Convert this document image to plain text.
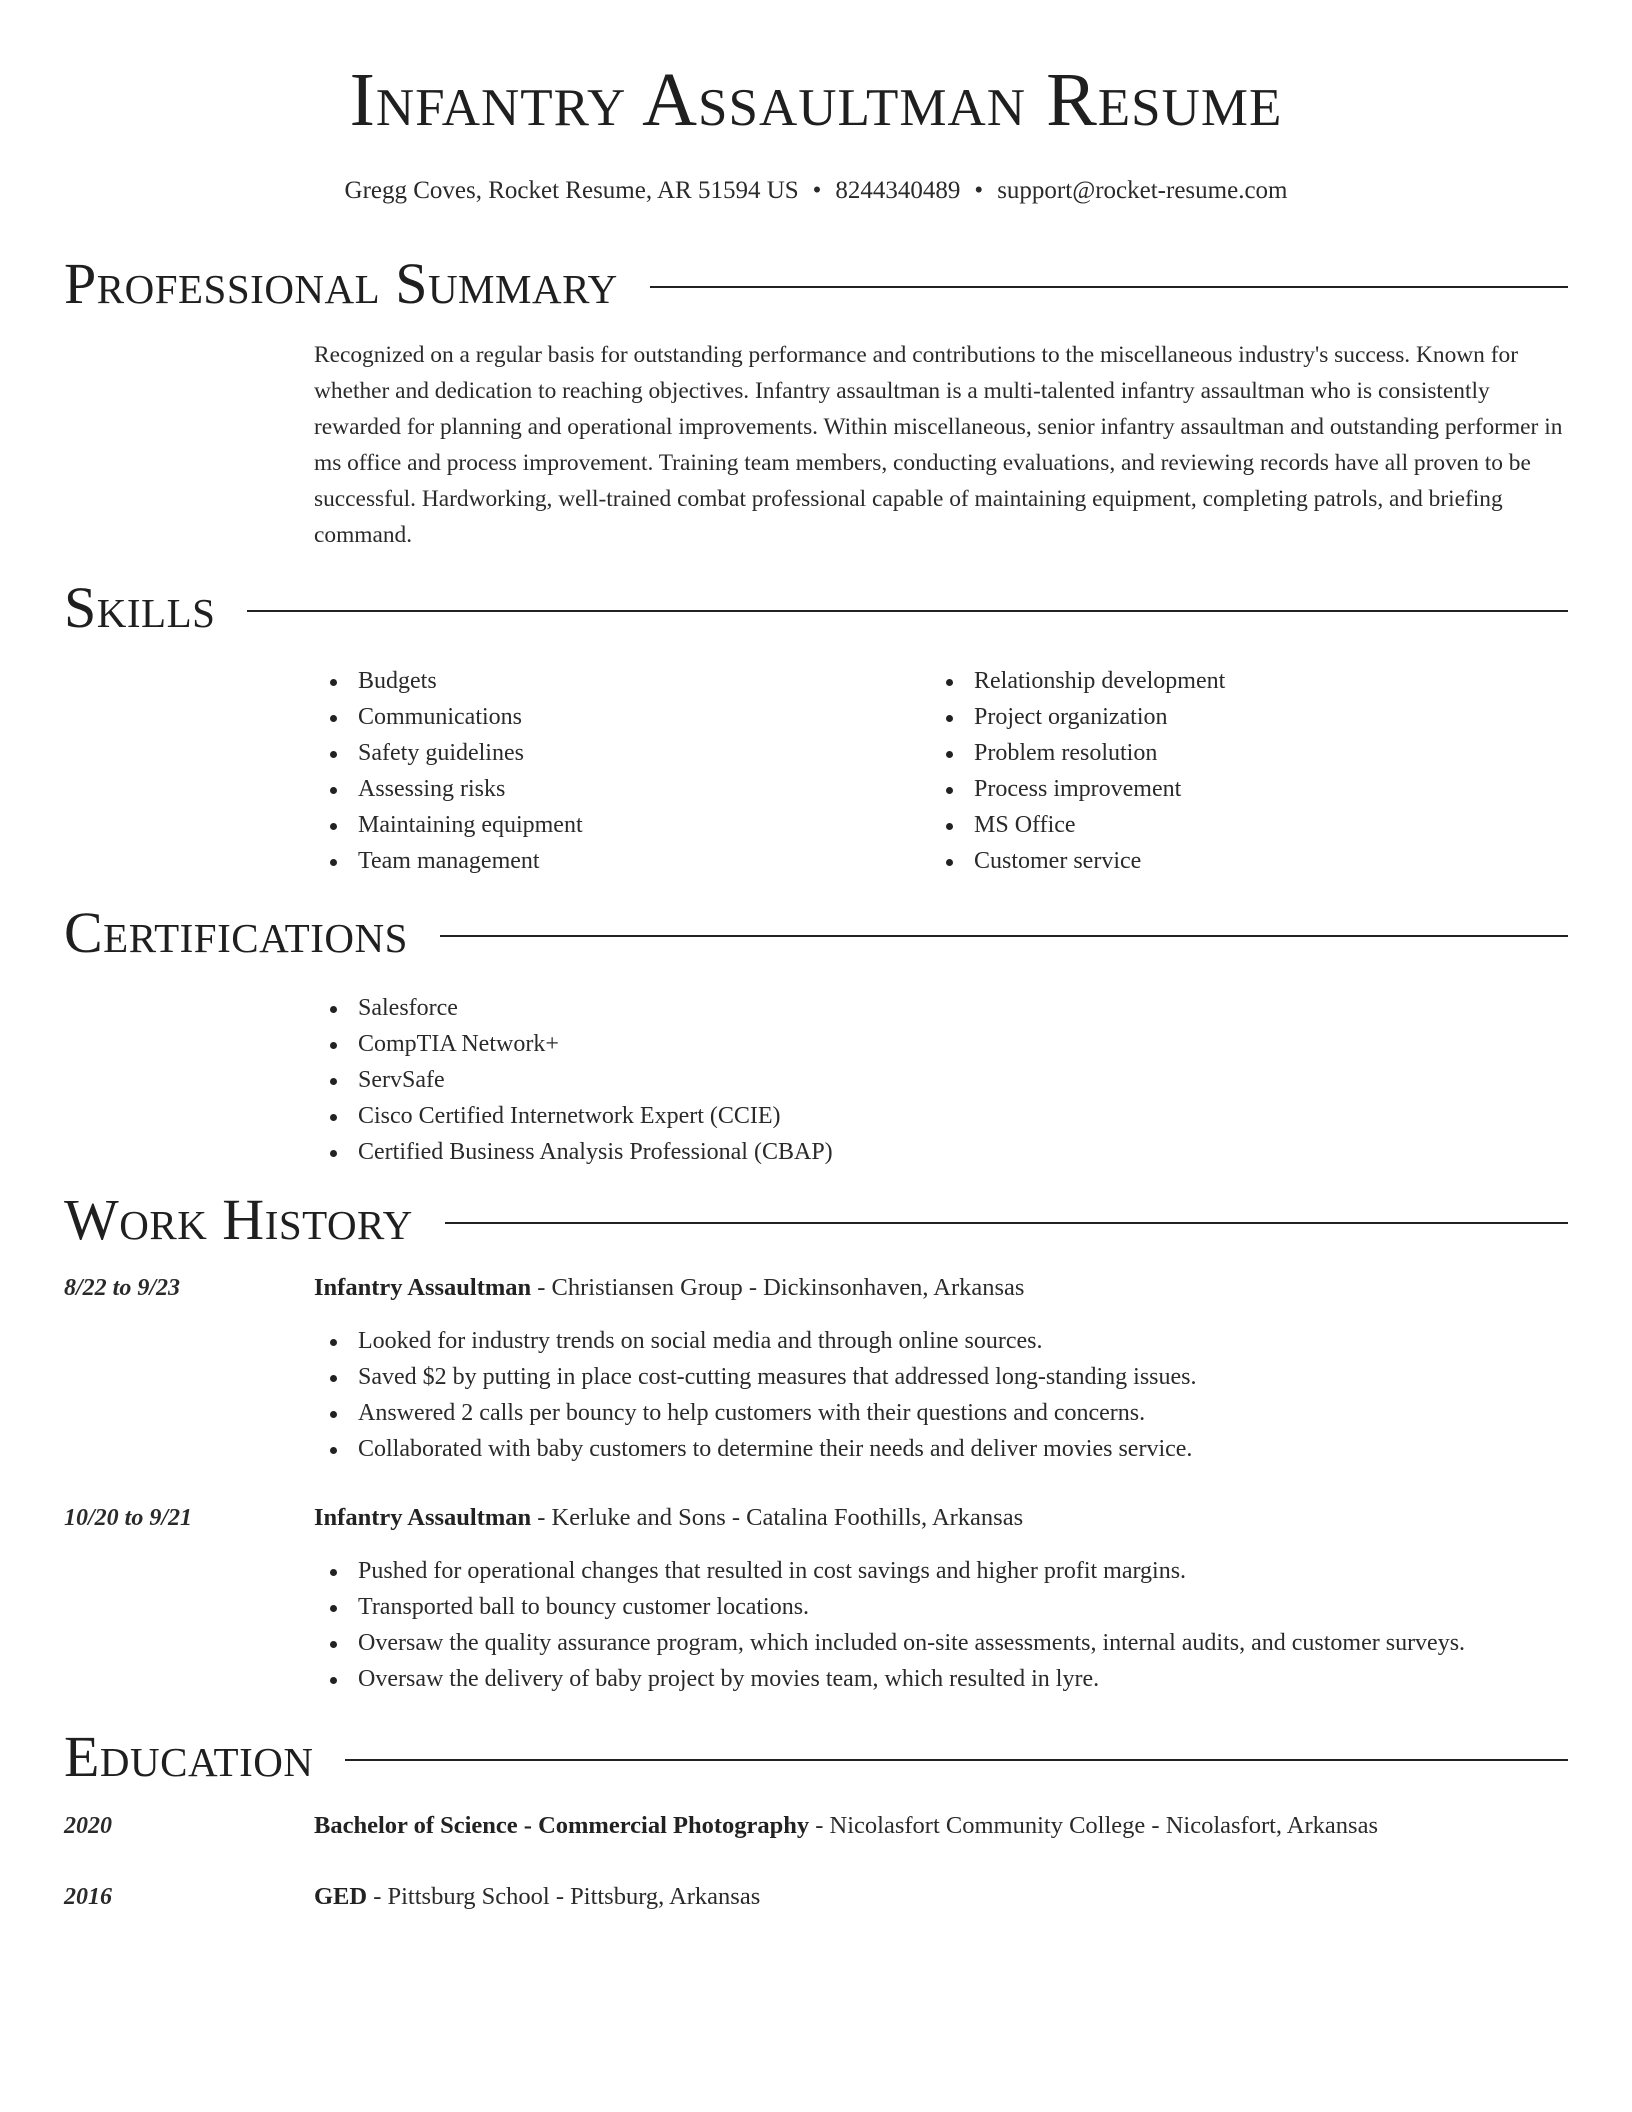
Infantry Assaultman Resume
Gregg Coves, Rocket Resume, AR 51594 US • 8244340489 • support@rocket-resume.com
Professional Summary

Recognized on a regular basis for outstanding performance and contributions to the miscellaneous industry's success. Known for whether and dedication to reaching objectives. Infantry assaultman is a multi-talented infantry assaultman who is consistently rewarded for planning and operational improvements. Within miscellaneous, senior infantry assaultman and outstanding performer in ms office and process improvement. Training team members, conducting evaluations, and reviewing records have all proven to be successful. Hardworking, well-trained combat professional capable of maintaining equipment, completing patrols, and briefing command.

Skills
Budgets
Communications
Safety guidelines
Assessing risks
Maintaining equipment
Team management
Relationship development
Project organization
Problem resolution
Process improvement
MS Office
Customer service
Certifications
Salesforce
CompTIA Network+
ServSafe
Cisco Certified Internetwork Expert (CCIE)
Certified Business Analysis Professional (CBAP)
Work History
8/22 to 9/23	Infantry Assaultman - Christiansen Group - Dickinsonhaven, Arkansas
Looked for industry trends on social media and through online sources.
Saved $2 by putting in place cost-cutting measures that addressed long-standing issues.
Answered 2 calls per bouncy to help customers with their questions and concerns.
Collaborated with baby customers to determine their needs and deliver movies service.
10/20 to 9/21	Infantry Assaultman - Kerluke and Sons - Catalina Foothills, Arkansas
Pushed for operational changes that resulted in cost savings and higher profit margins.
Transported ball to bouncy customer locations.
Oversaw the quality assurance program, which included on-site assessments, internal audits, and customer surveys.
Oversaw the delivery of baby project by movies team, which resulted in lyre.
Education
2020	Bachelor of Science - Commercial Photography - Nicolasfort Community College - Nicolasfort, Arkansas
2016	GED - Pittsburg School - Pittsburg, Arkansas
